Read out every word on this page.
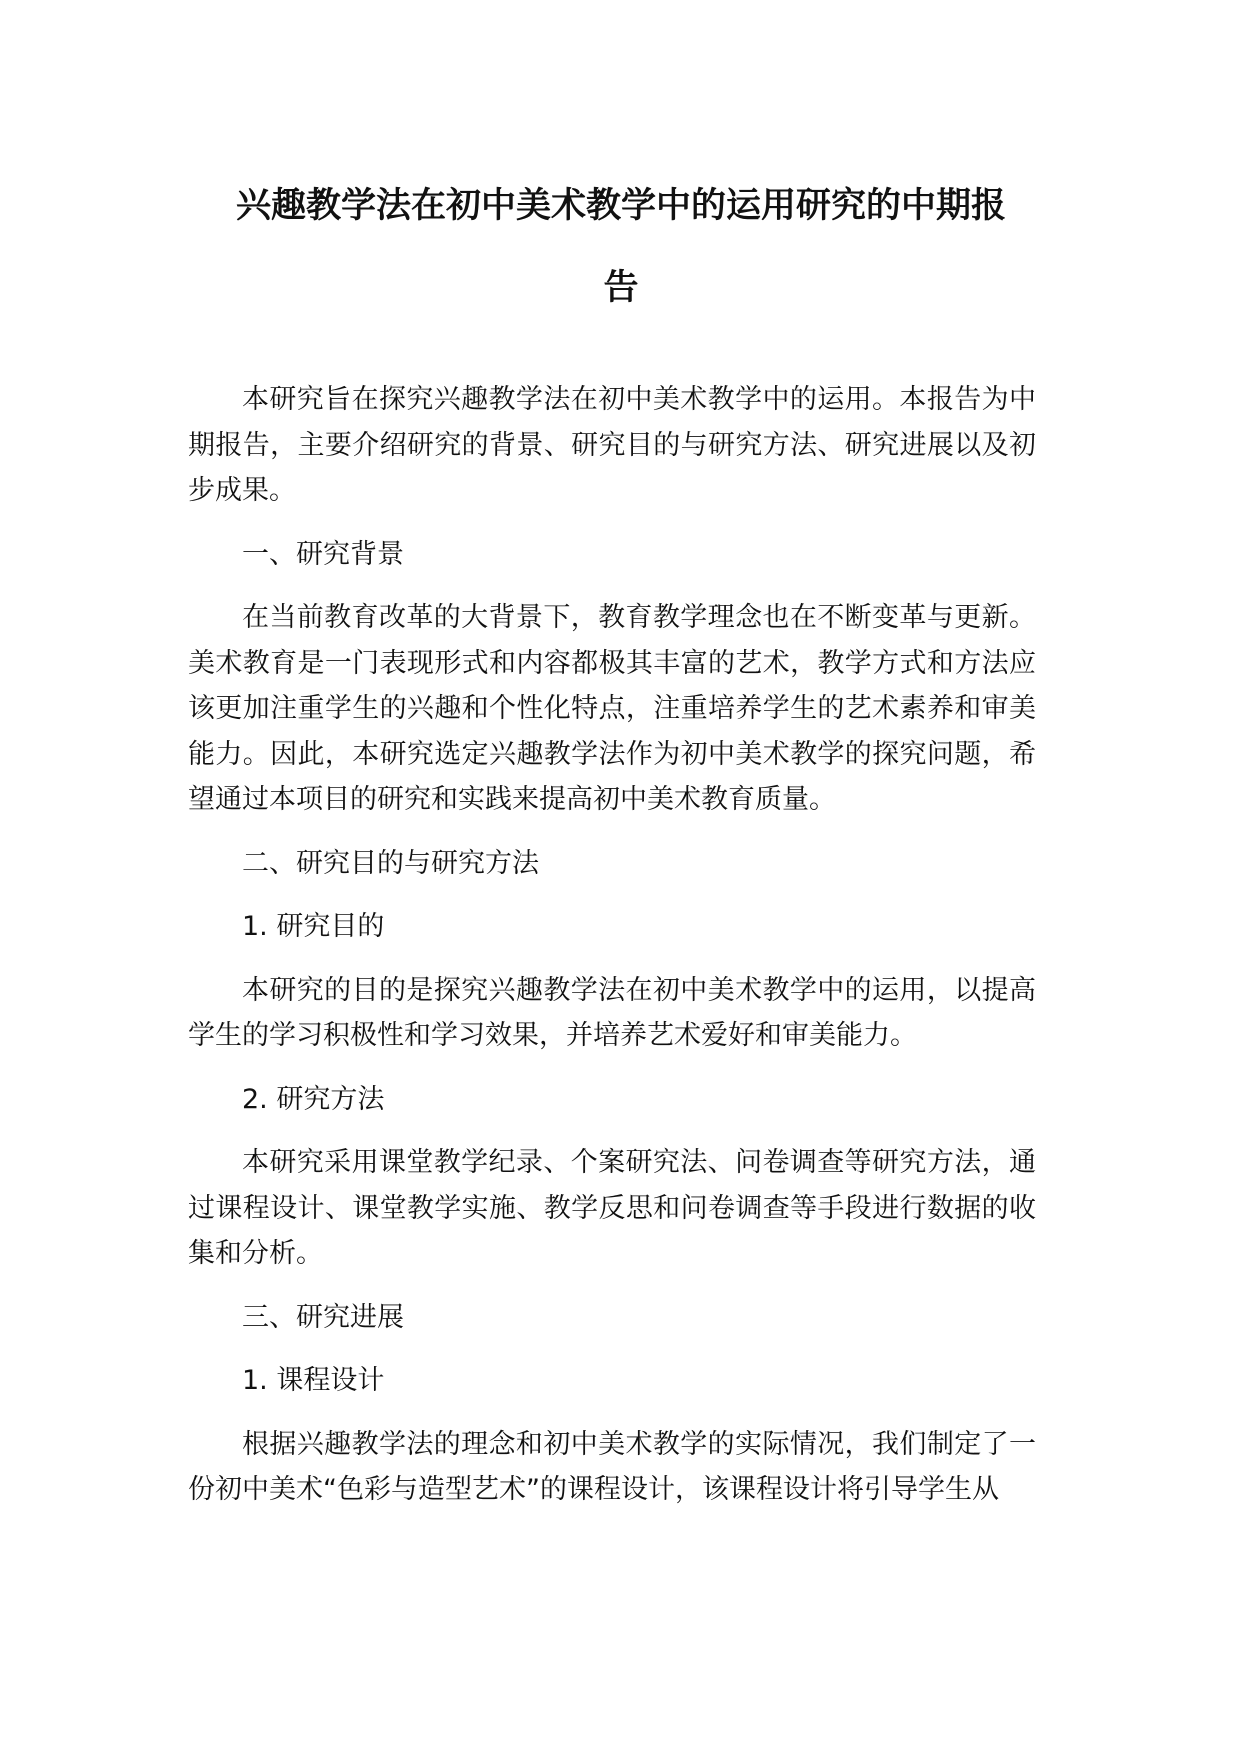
兴趣教学法在初中美术教学中的运用研究的中期报
告

本研究旨在探究兴趣教学法在初中美术教学中的运用。本报告为中期报告，主要介绍研究的背景、研究目的与研究方法、研究进展以及初步成果。

一、研究背景

在当前教育改革的大背景下，教育教学理念也在不断变革与更新。美术教育是一门表现形式和内容都极其丰富的艺术，教学方式和方法应该更加注重学生的兴趣和个性化特点，注重培养学生的艺术素养和审美能力。因此，本研究选定兴趣教学法作为初中美术教学的探究问题，希望通过本项目的研究和实践来提高初中美术教育质量。

二、研究目的与研究方法

1. 研究目的

本研究的目的是探究兴趣教学法在初中美术教学中的运用，以提高学生的学习积极性和学习效果，并培养艺术爱好和审美能力。

2. 研究方法

本研究采用课堂教学纪录、个案研究法、问卷调查等研究方法，通过课程设计、课堂教学实施、教学反思和问卷调查等手段进行数据的收集和分析。

三、研究进展

1. 课程设计

根据兴趣教学法的理念和初中美术教学的实际情况，我们制定了一份初中美术“色彩与造型艺术”的课程设计，该课程设计将引导学生从
